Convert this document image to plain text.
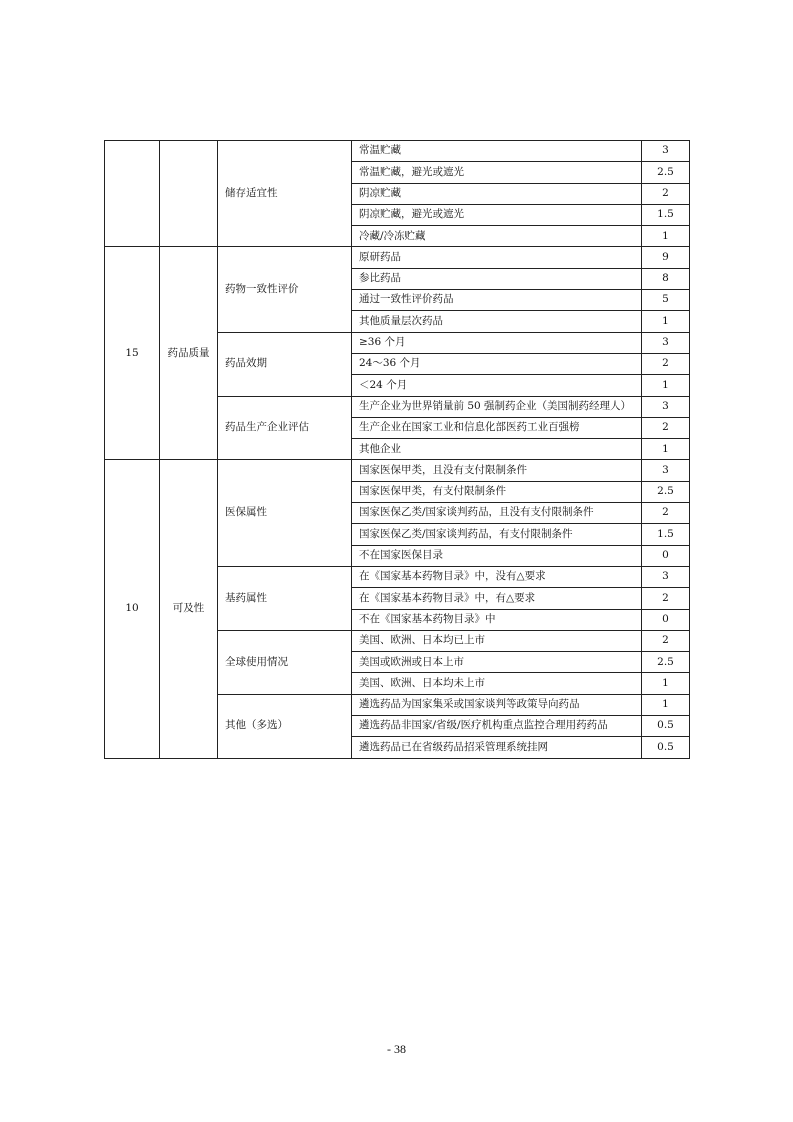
		储存适宜性	常温贮藏	3
			常温贮藏，避光或遮光	2.5
			阴凉贮藏	2
			阴凉贮藏，避光或遮光	1.5
			冷藏/冷冻贮藏	1
15	药品质量	药物一致性评价	原研药品	9
			参比药品	8
			通过一致性评价药品	5
			其他质量层次药品	1
		药品效期	≥36 个月	3
			24～36 个月	2
			＜24 个月	1
		药品生产企业评估	生产企业为世界销量前 50 强制药企业（美国制药经理人）	3
			生产企业在国家工业和信息化部医药工业百强榜	2
			其他企业	1
10	可及性	医保属性	国家医保甲类，且没有支付限制条件	3
			国家医保甲类，有支付限制条件	2.5
			国家医保乙类/国家谈判药品，且没有支付限制条件	2
			国家医保乙类/国家谈判药品，有支付限制条件	1.5
			不在国家医保目录	0
		基药属性	在《国家基本药物目录》中，没有△要求	3
			在《国家基本药物目录》中，有△要求	2
			不在《国家基本药物目录》中	0
		全球使用情况	美国、欧洲、日本均已上市	2
			美国或欧洲或日本上市	2.5
			美国、欧洲、日本均未上市	1
		其他（多选）	遴选药品为国家集采或国家谈判等政策导向药品	1
			遴选药品非国家/省级/医疗机构重点监控合理用药药品	0.5
			遴选药品已在省级药品招采管理系统挂网	0.5
- 38
